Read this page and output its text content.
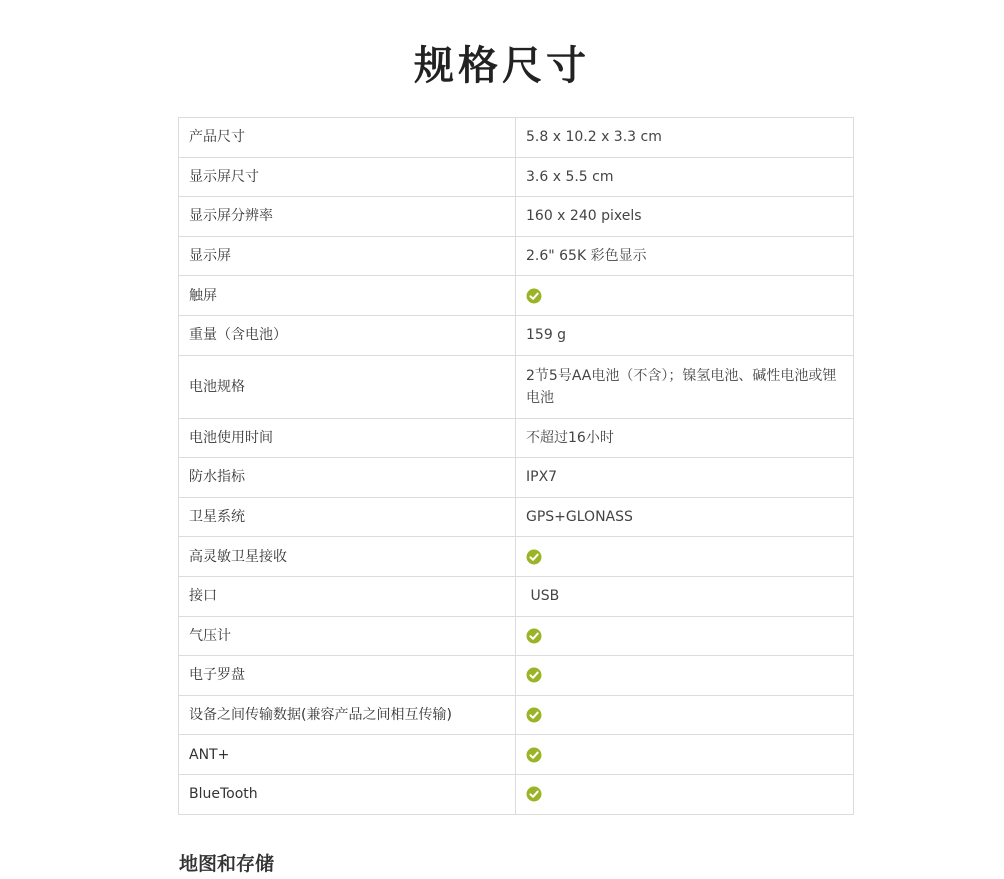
规格尺寸
产品尺寸	5.8 x 10.2 x 3.3 cm
显示屏尺寸	3.6 x 5.5 cm
显示屏分辨率	160 x 240 pixels
显示屏	2.6" 65K 彩色显示
触屏	
重量（含电池）	159 g
电池规格	2节5号AA电池（不含）；镍氢电池、碱性电池或锂电池
电池使用时间	不超过16小时
防水指标	IPX7
卫星系统	GPS+GLONASS
高灵敏卫星接收	
接口	USB
气压计	
电子罗盘	
设备之间传输数据(兼容产品之间相互传输)	
ANT+	
BlueTooth	
地图和存储
